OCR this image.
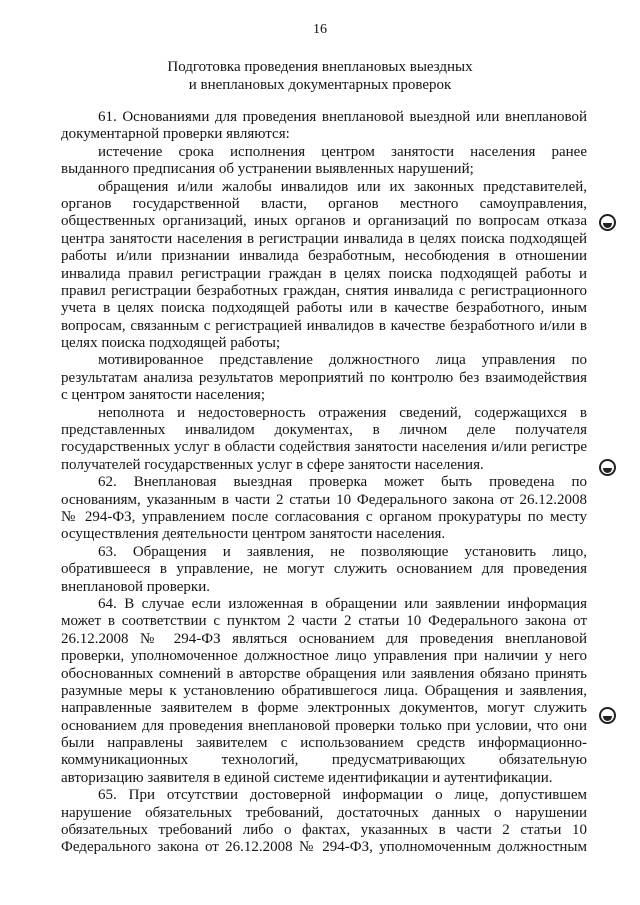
16
Подготовка проведения внеплановых выездных
и внеплановых документарных проверок
61. Основаниями для проведения внеплановой выездной или внеплановой
документарной проверки являются:
истечение срока исполнения центром занятости населения ранее
выданного предписания об устранении выявленных нарушений;
обращения и/или жалобы инвалидов или их законных представителей,
органов государственной власти, органов местного самоуправления,
общественных организаций, иных органов и организаций по вопросам отказа
центра занятости населения в регистрации инвалида в целях поиска подходящей
работы и/или признании инвалида безработным, несобюдения в отношении
инвалида правил регистрации граждан в целях поиска подходящей работы и
правил регистрации безработных граждан, снятия инвалида с регистрационного
учета в целях поиска подходящей работы или в качестве безработного, иным
вопросам, связанным с регистрацией инвалидов в качестве безработного и/или в
целях поиска подходящей работы;
мотивированное представление должностного лица управления по
результатам анализа результатов мероприятий по контролю без взаимодействия
с центром занятости населения;
неполнота и недостоверность отражения сведений, содержащихся в
представленных инвалидом документах, в личном деле получателя
государственных услуг в области содействия занятости населения и/или регистре
получателей государственных услуг в сфере занятости населения.
62. Внеплановая выездная проверка может быть проведена по
основаниям, указанным в части 2 статьи 10 Федерального закона от 26.12.2008
№ 294-ФЗ, управлением после согласования с органом прокуратуры по месту
осуществления деятельности центром занятости населения.
63. Обращения и заявления, не позволяющие установить лицо,
обратившееся в управление, не могут служить основанием для проведения
внеплановой проверки.
64. В случае если изложенная в обращении или заявлении информация
может в соответствии с пунктом 2 части 2 статьи 10 Федерального закона от
26.12.2008 № 294-ФЗ являться основанием для проведения внеплановой
проверки, уполномоченное должностное лицо управления при наличии у него
обоснованных сомнений в авторстве обращения или заявления обязано принять
разумные меры к установлению обратившегося лица. Обращения и заявления,
направленные заявителем в форме электронных документов, могут служить
основанием для проведения внеплановой проверки только при условии, что они
были направлены заявителем с использованием средств информационно-
коммуникационных технологий, предусматривающих обязательную
авторизацию заявителя в единой системе идентификации и аутентификации.
65. При отсутствии достоверной информации о лице, допустившем
нарушение обязательных требований, достаточных данных о нарушении
обязательных требований либо о фактах, указанных в части 2 статьи 10
Федерального закона от 26.12.2008 № 294-ФЗ, уполномоченным должностным
